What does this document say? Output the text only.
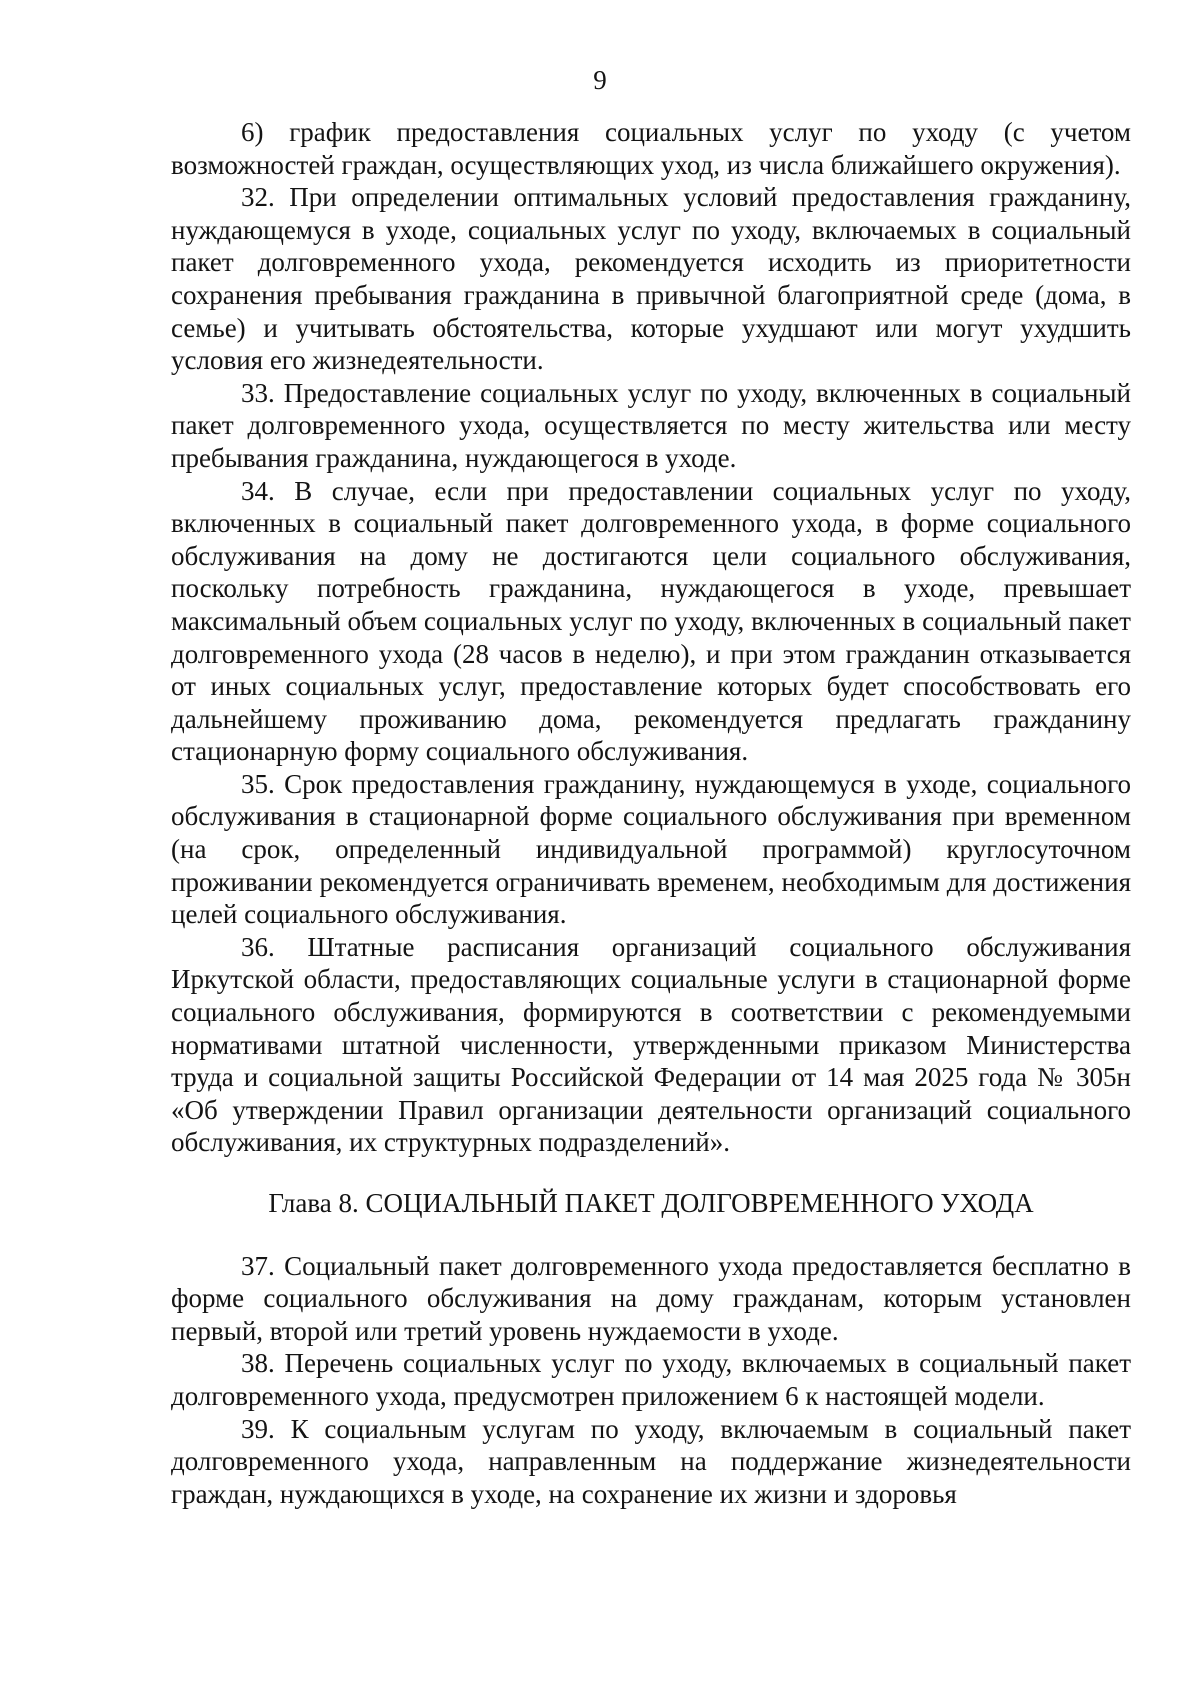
9

6) график предоставления социальных услуг по уходу (с учетом возможностей граждан, осуществляющих уход, из числа ближайшего окружения).

32. При определении оптимальных условий предоставления гражданину, нуждающемуся в уходе, социальных услуг по уходу, включаемых в социальный пакет долговременного ухода, рекомендуется исходить из приоритетности сохранения пребывания гражданина в привычной благоприятной среде (дома, в семье) и учитывать обстоятельства, которые ухудшают или могут ухудшить условия его жизнедеятельности.

33. Предоставление социальных услуг по уходу, включенных в социальный пакет долговременного ухода, осуществляется по месту жительства или месту пребывания гражданина, нуждающегося в уходе.

34. В случае, если при предоставлении социальных услуг по уходу, включенных в социальный пакет долговременного ухода, в форме социального обслуживания на дому не достигаются цели социального обслуживания, поскольку потребность гражданина, нуждающегося в уходе, превышает максимальный объем социальных услуг по уходу, включенных в социальный пакет долговременного ухода (28 часов в неделю), и при этом гражданин отказывается от иных социальных услуг, предоставление которых будет способствовать его дальнейшему проживанию дома, рекомендуется предлагать гражданину стационарную форму социального обслуживания.

35. Срок предоставления гражданину, нуждающемуся в уходе, социального обслуживания в стационарной форме социального обслуживания при временном (на срок, определенный индивидуальной программой) круглосуточном проживании рекомендуется ограничивать временем, необходимым для достижения целей социального обслуживания.

36. Штатные расписания организаций социального обслуживания Иркутской области, предоставляющих социальные услуги в стационарной форме социального обслуживания, формируются в соответствии с рекомендуемыми нормативами штатной численности, утвержденными приказом Министерства труда и социальной защиты Российской Федерации от 14 мая 2025 года № 305н «Об утверждении Правил организации деятельности организаций социального обслуживания, их структурных подразделений».

Глава 8. СОЦИАЛЬНЫЙ ПАКЕТ ДОЛГОВРЕМЕННОГО УХОДА

37. Социальный пакет долговременного ухода предоставляется бесплатно в форме социального обслуживания на дому гражданам, которым установлен первый, второй или третий уровень нуждаемости в уходе.

38. Перечень социальных услуг по уходу, включаемых в социальный пакет долговременного ухода, предусмотрен приложением 6 к настоящей модели.

39. К социальным услугам по уходу, включаемым в социальный пакет долговременного ухода, направленным на поддержание жизнедеятельности граждан, нуждающихся в уходе, на сохранение их жизни и здоровья
